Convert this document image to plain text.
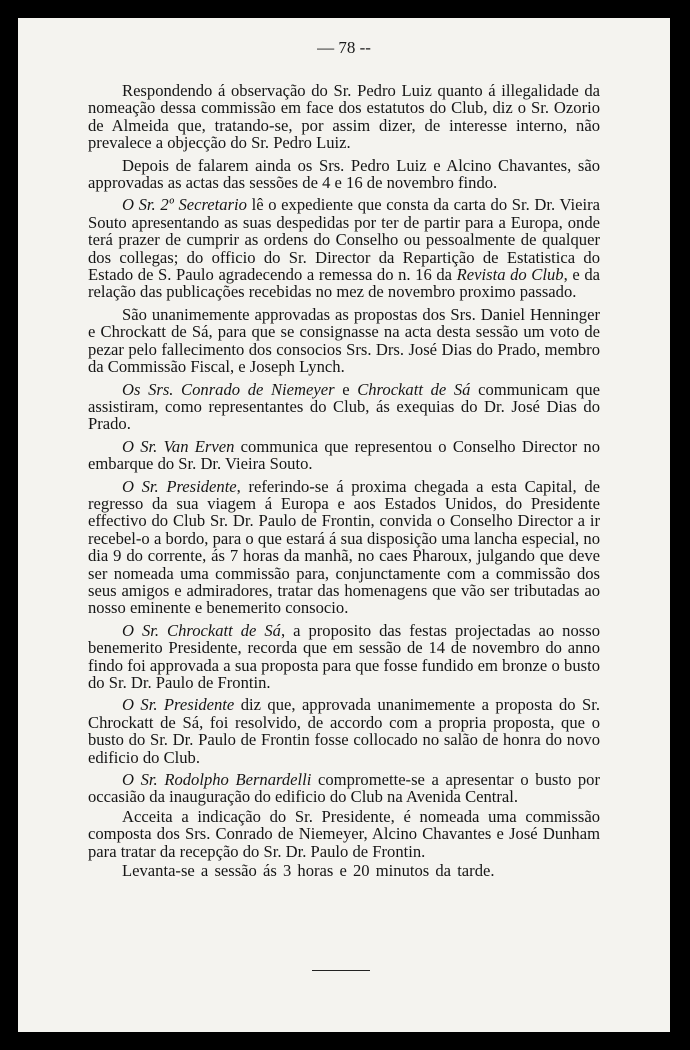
— 78 --

Respondendo á observação do Sr. Pedro Luiz quanto á illegalidade da nomeação dessa commissão em face dos estatutos do Club, diz o Sr. Ozorio de Almeida que, tratando-se, por assim dizer, de interesse interno, não prevalece a objecção do Sr. Pedro Luiz.

Depois de falarem ainda os Srs. Pedro Luiz e Alcino Chavantes, são approvadas as actas das sessões de 4 e 16 de novembro findo.

O Sr. 2º Secretario lê o expediente que consta da carta do Sr. Dr. Vieira Souto apresentando as suas despedidas por ter de partir para a Europa, onde terá prazer de cumprir as ordens do Conselho ou pessoalmente de qualquer dos collegas; do officio do Sr. Director da Repartição de Estatistica do Estado de S. Paulo agradecendo a remessa do n. 16 da Revista do Club, e da relação das publicações recebidas no mez de novembro proximo passado.

São unanimemente approvadas as propostas dos Srs. Daniel Henninger e Chrockatt de Sá, para que se consignasse na acta desta sessão um voto de pezar pelo fallecimento dos consocios Srs. Drs. José Dias do Prado, membro da Commissão Fiscal, e Joseph Lynch.

Os Srs. Conrado de Niemeyer e Chrockatt de Sá communicam que assistiram, como representantes do Club, ás exequias do Dr. José Dias do Prado.

O Sr. Van Erven communica que representou o Conselho Director no embarque do Sr. Dr. Vieira Souto.

O Sr. Presidente, referindo-se á proxima chegada a esta Capital, de regresso da sua viagem á Europa e aos Estados Unidos, do Presidente effectivo do Club Sr. Dr. Paulo de Frontin, convida o Conselho Director a ir recebel-o a bordo, para o que estará á sua disposição uma lancha especial, no dia 9 do corrente, ás 7 horas da manhã, no caes Pharoux, julgando que deve ser nomeada uma commissão para, conjunctamente com a commissão dos seus amigos e admiradores, tratar das homenagens que vão ser tributadas ao nosso eminente e benemerito consocio.

O Sr. Chrockatt de Sá, a proposito das festas projectadas ao nosso benemerito Presidente, recorda que em sessão de 14 de novembro do anno findo foi approvada a sua proposta para que fosse fundido em bronze o busto do Sr. Dr. Paulo de Frontin.

O Sr. Presidente diz que, approvada unanimemente a proposta do Sr. Chrockatt de Sá, foi resolvido, de accordo com a propria proposta, que o busto do Sr. Dr. Paulo de Frontin fosse collocado no salão de honra do novo edificio do Club.

O Sr. Rodolpho Bernardelli compromette-se a apresentar o busto por occasião da inauguração do edificio do Club na Avenida Central.

Acceita a indicação do Sr. Presidente, é nomeada uma commissão composta dos Srs. Conrado de Niemeyer, Alcino Chavantes e José Dunham para tratar da recepção do Sr. Dr. Paulo de Frontin.

Levanta-se a sessão ás 3 horas e 20 minutos da tarde.
